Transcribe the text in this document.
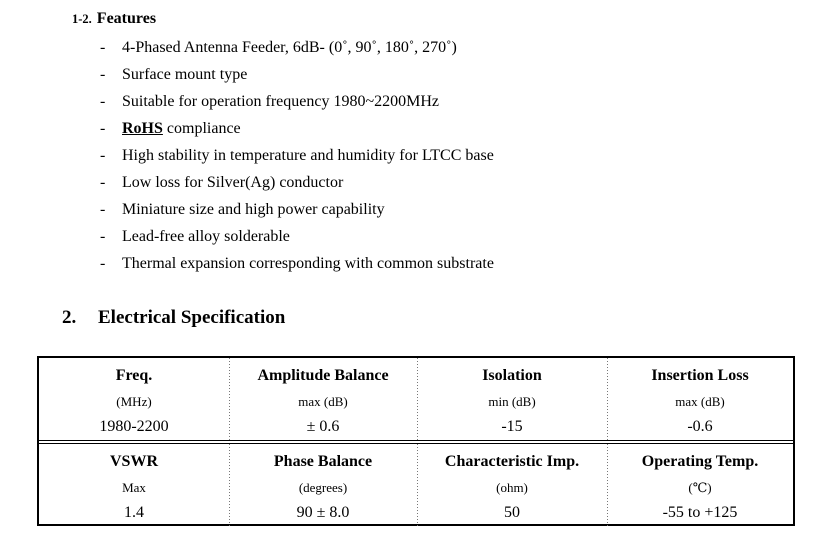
1-2. Features
- 4-Phased Antenna Feeder, 6dB- (0˚, 90˚, 180˚, 270˚)
- Surface mount type
- Suitable for operation frequency 1980~2200MHz
- RoHS compliance
- High stability in temperature and humidity for LTCC base
- Low loss for Silver(Ag) conductor
- Miniature size and high power capability
- Lead-free alloy solderable
- Thermal expansion corresponding with common substrate
2. Electrical Specification
Freq.
(MHz)
1980-2200
Amplitude Balance
max (dB)
± 0.6
Isolation
min (dB)
-15
Insertion Loss
max (dB)
-0.6
VSWR
Max
1.4
Phase Balance
(degrees)
90 ± 8.0
Characteristic Imp.
(ohm)
50
Operating Temp.
(℃)
-55 to +125
